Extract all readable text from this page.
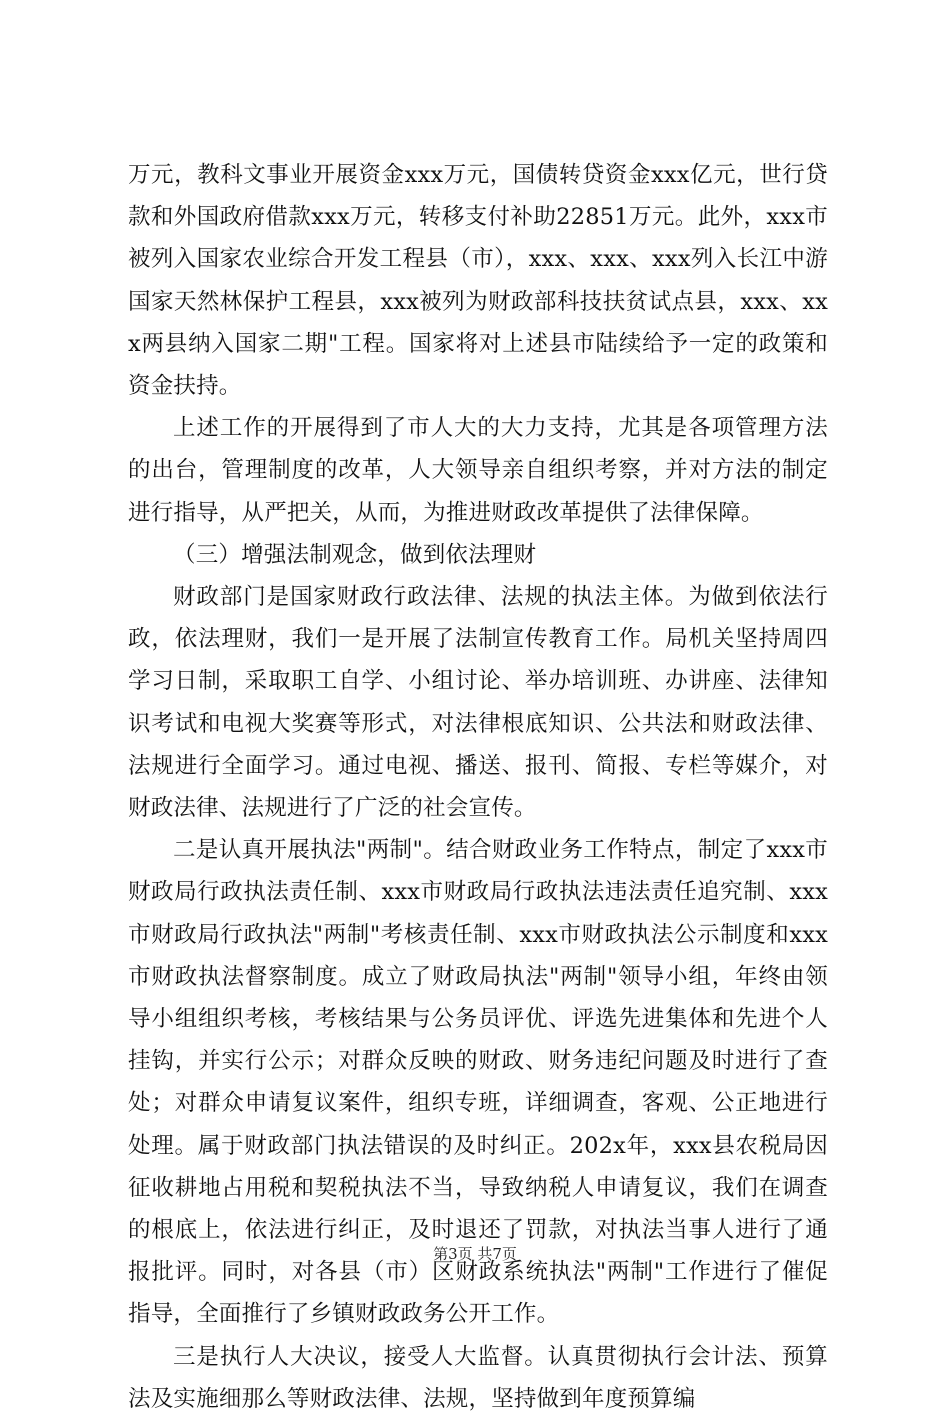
万元，教科文事业开展资金xxx万元，国债转贷资金xxx亿元，世行贷款和外国政府借款xxx万元，转移支付补助22851万元。此外，xxx市被列入国家农业综合开发工程县（市），xxx、xxx、xxx列入长江中游国家天然林保护工程县，xxx被列为财政部科技扶贫试点县，xxx、xxx两县纳入国家二期"工程。国家将对上述县市陆续给予一定的政策和资金扶持。

上述工作的开展得到了市人大的大力支持，尤其是各项管理方法的出台，管理制度的改革，人大领导亲自组织考察，并对方法的制定进行指导，从严把关，从而，为推进财政改革提供了法律保障。

（三）增强法制观念，做到依法理财

财政部门是国家财政行政法律、法规的执法主体。为做到依法行政，依法理财，我们一是开展了法制宣传教育工作。局机关坚持周四学习日制，采取职工自学、小组讨论、举办培训班、办讲座、法律知识考试和电视大奖赛等形式，对法律根底知识、公共法和财政法律、法规进行全面学习。通过电视、播送、报刊、简报、专栏等媒介，对财政法律、法规进行了广泛的社会宣传。

二是认真开展执法"两制"。结合财政业务工作特点，制定了xxx市财政局行政执法责任制、xxx市财政局行政执法违法责任追究制、xxx市财政局行政执法"两制"考核责任制、xxx市财政执法公示制度和xxx市财政执法督察制度。成立了财政局执法"两制"领导小组，年终由领导小组组织考核，考核结果与公务员评优、评选先进集体和先进个人挂钩，并实行公示；对群众反映的财政、财务违纪问题及时进行了查处；对群众申请复议案件，组织专班，详细调查，客观、公正地进行处理。属于财政部门执法错误的及时纠正。202x年，xxx县农税局因征收耕地占用税和契税执法不当，导致纳税人申请复议，我们在调查的根底上，依法进行纠正，及时退还了罚款，对执法当事人进行了通报批评。同时，对各县（市）区财政系统执法"两制"工作进行了催促指导，全面推行了乡镇财政政务公开工作。

三是执行人大决议，接受人大监督。认真贯彻执行会计法、预算法及实施细那么等财政法律、法规，坚持做到年度预算编

第3页 共7页
